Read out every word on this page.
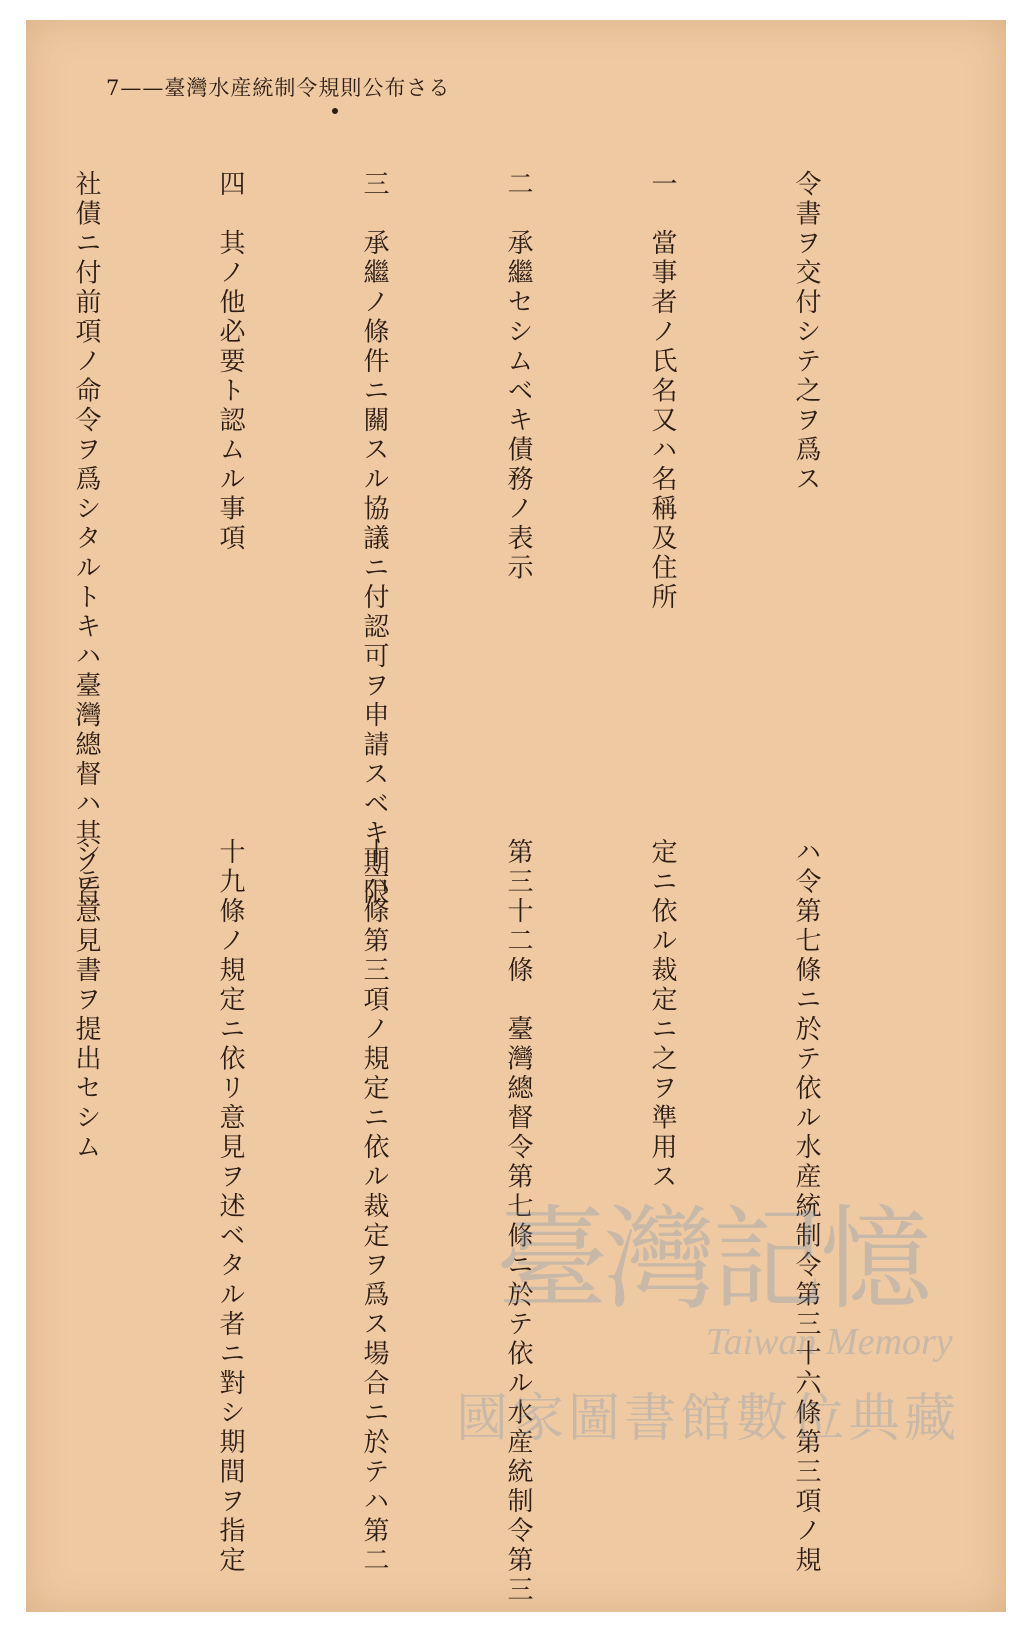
7——臺灣水産統制令規則公布さる

令書ヲ交付シテ之ヲ爲ス

一　當事者ノ氏名又ハ名稱及住所

二　承繼セシムベキ債務ノ表示

三　承繼ノ條件ニ關スル協議ニ付認可ヲ申請スベキ期限

四　其ノ他必要ト認ムル事項

社債ニ付前項ノ命令ヲ爲シタルトキハ臺灣總督ハ其ノ旨

ハ令第七條ニ於テ依ル水産統制令第三十六條第三項ノ規

定ニ依ル裁定ニ之ヲ準用ス

第三十二條　臺灣總督令第七條ニ於テ依ル水産統制令第三

十六條第三項ノ規定ニ依ル裁定ヲ爲ス場合ニ於テハ第二

十九條ノ規定ニ依リ意見ヲ述ベタル者ニ對シ期間ヲ指定

シテ意見書ヲ提出セシム

臺灣記憶
Taiwan Memory
國家圖書館數位典藏
